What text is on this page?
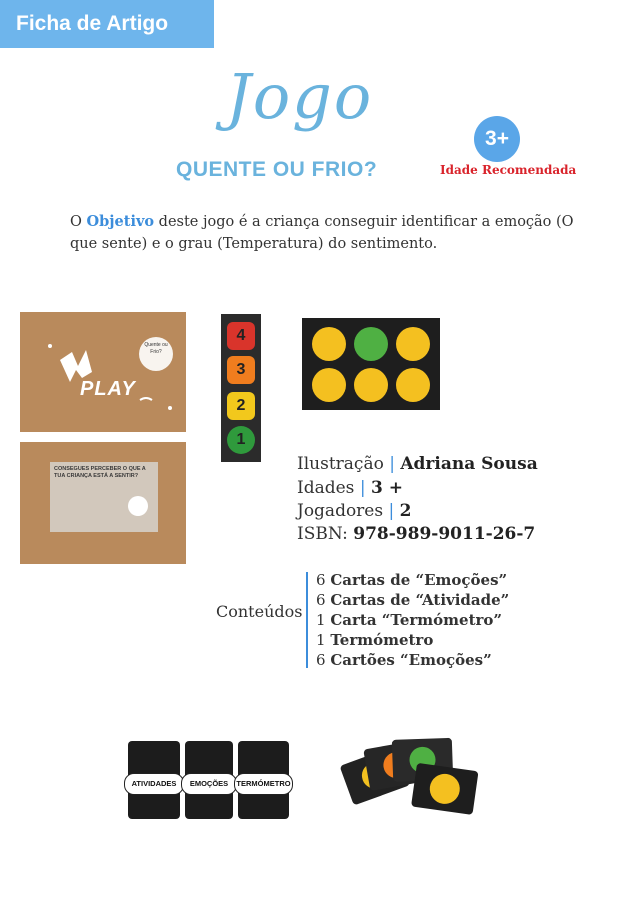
Ficha de Artigo
Jogo
QUENTE OU FRIO?
3+
Idade Recomendada
O Objetivo deste jogo é a criança conseguir identificar a emoção (O que sente) e o grau (Temperatura) do sentimento.
PLAY
Quente ou Frio?
CONSEGUES PERCEBER O QUE A TUA CRIANÇA ESTÁ A SENTIR?
4
3
2
1
Ilustração | Adriana Sousa
Idades | 3 +
Jogadores | 2
ISBN: 978-989-9011-26-7
Conteúdos
6 Cartas de “Emoções”
6 Cartas de “Atividade”
1 Carta “Termómetro”
1 Termómetro
6 Cartões “Emoções”
ATIVIDADES	EMOÇÕES	TERMÓMETRO
